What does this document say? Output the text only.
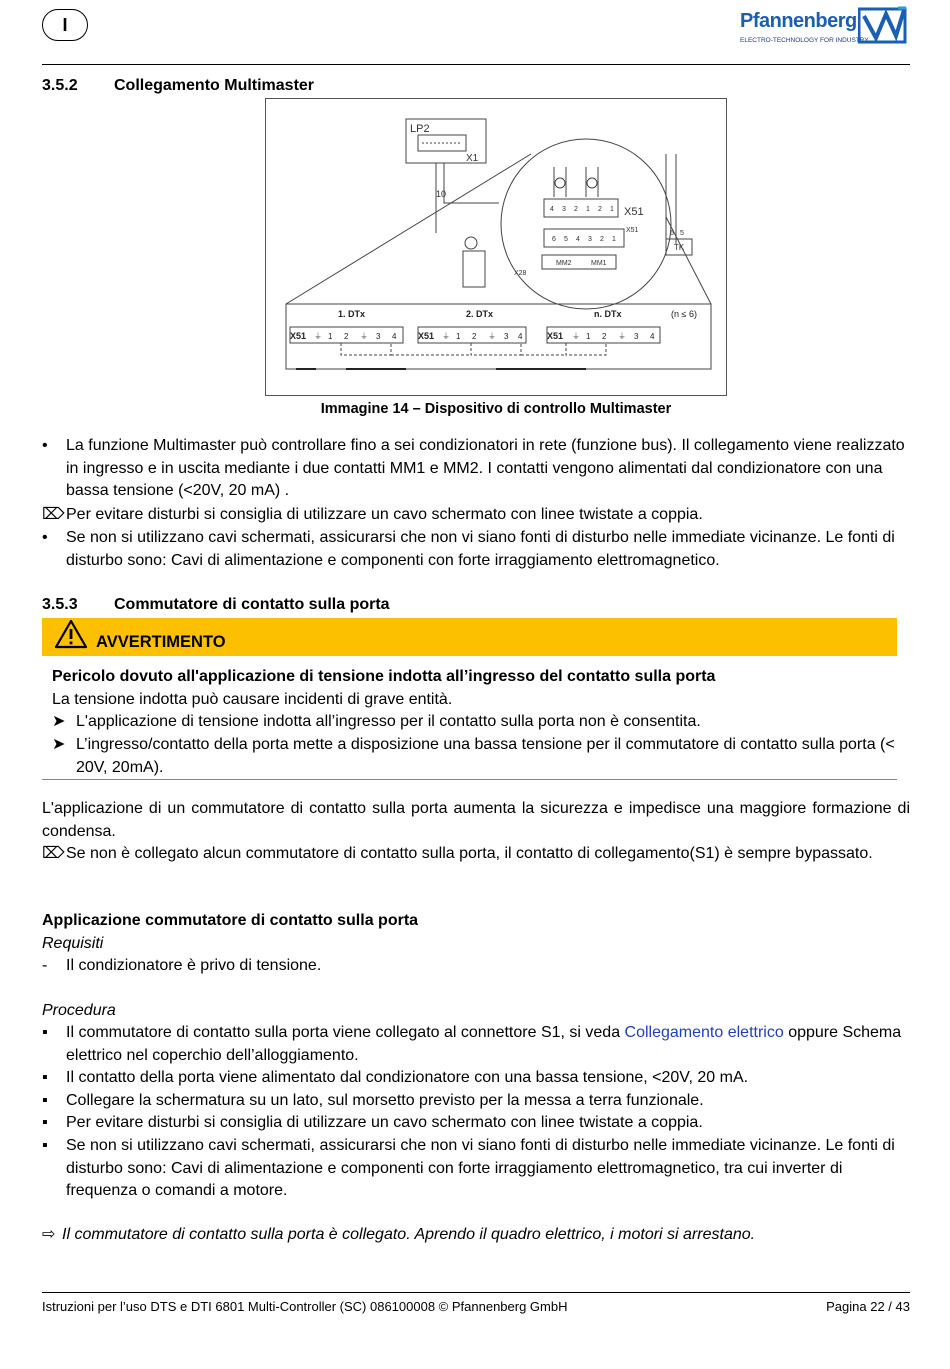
I	Pfannenberg
ELECTRO-TECHNOLOGY FOR INDUSTRY
3.5.2 Collegamento Multimaster
LP2
X1
10
X28
X51
X51
MM2	MM1
4 3 2 1 2 1
6 5 4 3 2 1
6 5
TK
1. DTx	2. DTx	n. DTx	(n ≤ 6)
X51	X51	X51
⏚ 1 2 ⏚ 3 4	⏚ 1 2 ⏚ 3 4	⏚ 1 2 ⏚ 3 4
Immagine 14 – Dispositivo di controllo Multimaster
•	La funzione Multimaster può controllare fino a sei condizionatori in rete (funzione bus). Il collegamento viene realizzato in ingresso e in uscita mediante i due contatti MM1 e MM2. I contatti vengono alimentati dal condizionatore con una bassa tensione (<20V, 20 mA) .
⌦ Per evitare disturbi si consiglia di utilizzare un cavo schermato con linee twistate a coppia.
•	Se non si utilizzano cavi schermati, assicurarsi che non vi siano fonti di disturbo nelle immediate vicinanze. Le fonti di disturbo sono: Cavi di alimentazione e componenti con forte irraggiamento elettromagnetico.
3.5.3 Commutatore di contatto sulla porta
AVVERTIMENTO
Pericolo dovuto all'applicazione di tensione indotta all’ingresso del contatto sulla porta
La tensione indotta può causare incidenti di grave entità.
➤ L'applicazione di tensione indotta all’ingresso per il contatto sulla porta non è consentita.
➤ L’ingresso/contatto della porta mette a disposizione una bassa tensione per il commutatore di contatto sulla porta (< 20V, 20mA).
L'applicazione di un commutatore di contatto sulla porta aumenta la sicurezza e impedisce una maggiore formazione di condensa.
⌦ Se non è collegato alcun commutatore di contatto sulla porta, il contatto di collegamento(S1) è sempre bypassato.
Applicazione commutatore di contatto sulla porta
Requisiti
-	Il condizionatore è privo di tensione.
Procedura
▪	Il commutatore di contatto sulla porta viene collegato al connettore S1, si veda Collegamento elettrico oppure Schema elettrico nel coperchio dell’alloggiamento.
▪	Il contatto della porta viene alimentato dal condizionatore con una bassa tensione, <20V, 20 mA.
▪	Collegare la schermatura su un lato, sul morsetto previsto per la messa a terra funzionale.
▪	Per evitare disturbi si consiglia di utilizzare un cavo schermato con linee twistate a coppia.
▪	Se non si utilizzano cavi schermati, assicurarsi che non vi siano fonti di disturbo nelle immediate vicinanze. Le fonti di disturbo sono: Cavi di alimentazione e componenti con forte irraggiamento elettromagnetico, tra cui inverter di frequenza o comandi a motore.
⇨ Il commutatore di contatto sulla porta è collegato. Aprendo il quadro elettrico, i motori si arrestano.
Istruzioni per l’uso DTS e DTI 6801 Multi-Controller (SC) 086100008 © Pfannenberg GmbH	Pagina 22 / 43
